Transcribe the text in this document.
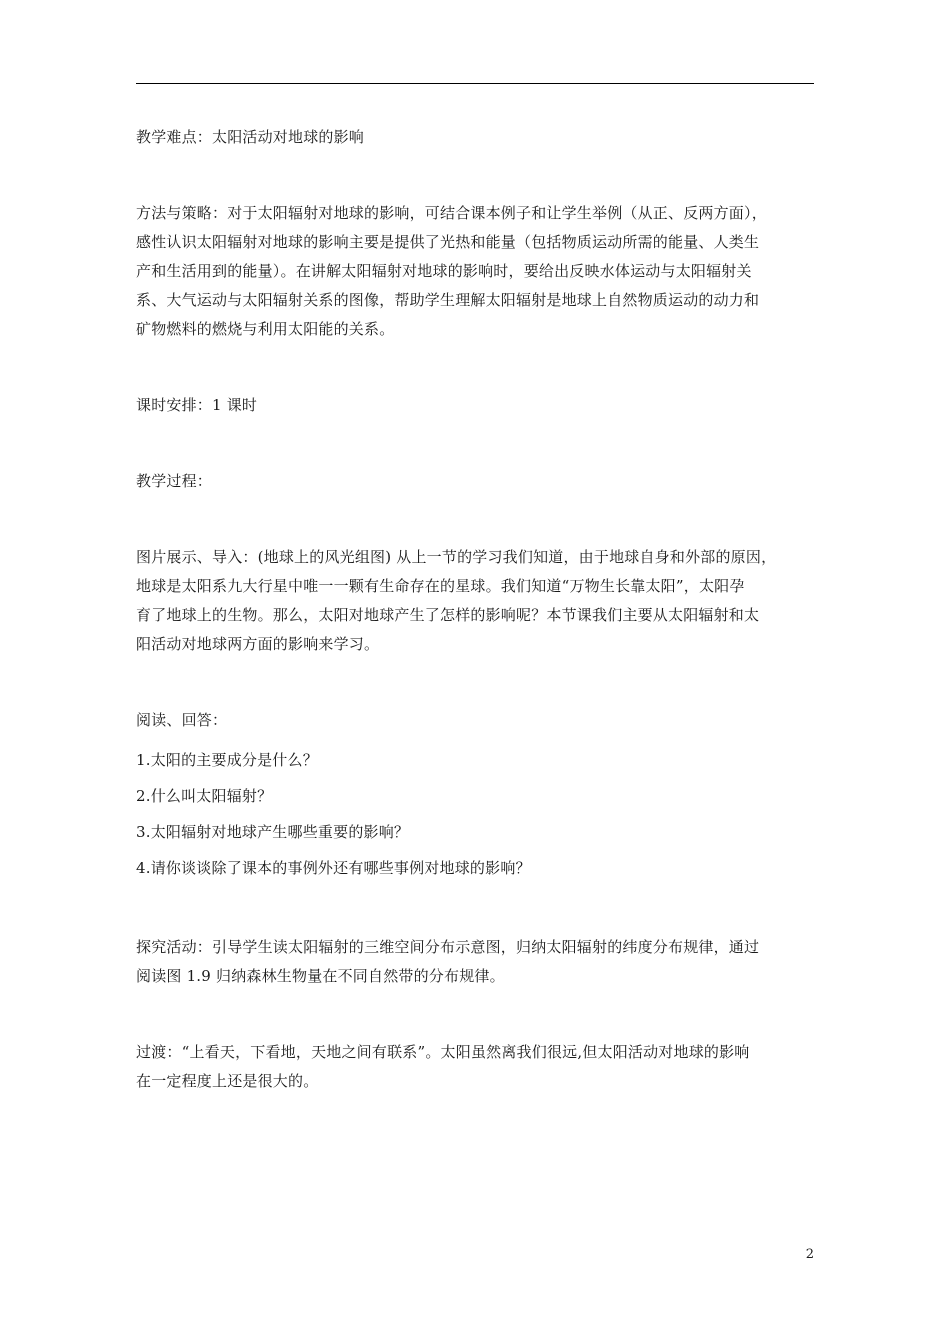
教学难点：太阳活动对地球的影响

方法与策略：对于太阳辐射对地球的影响，可结合课本例子和让学生举例（从正、反两方面），

感性认识太阳辐射对地球的影响主要是提供了光热和能量（包括物质运动所需的能量、人类生

产和生活用到的能量）。在讲解太阳辐射对地球的影响时，要给出反映水体运动与太阳辐射关

系、大气运动与太阳辐射关系的图像，帮助学生理解太阳辐射是地球上自然物质运动的动力和

矿物燃料的燃烧与利用太阳能的关系。

课时安排：1 课时

教学过程：

图片展示、导入：(地球上的风光组图) 从上一节的学习我们知道，由于地球自身和外部的原因，

地球是太阳系九大行星中唯一一颗有生命存在的星球。我们知道“万物生长靠太阳”，太阳孕

育了地球上的生物。那么，太阳对地球产生了怎样的影响呢？本节课我们主要从太阳辐射和太

阳活动对地球两方面的影响来学习。

阅读、回答：

1.太阳的主要成分是什么？

2.什么叫太阳辐射？

3.太阳辐射对地球产生哪些重要的影响？

4.请你谈谈除了课本的事例外还有哪些事例对地球的影响？

探究活动：引导学生读太阳辐射的三维空间分布示意图，归纳太阳辐射的纬度分布规律，通过

阅读图 1.9 归纳森林生物量在不同自然带的分布规律。

过渡：“上看天，下看地，天地之间有联系”。太阳虽然离我们很远,但太阳活动对地球的影响

在一定程度上还是很大的。

2
